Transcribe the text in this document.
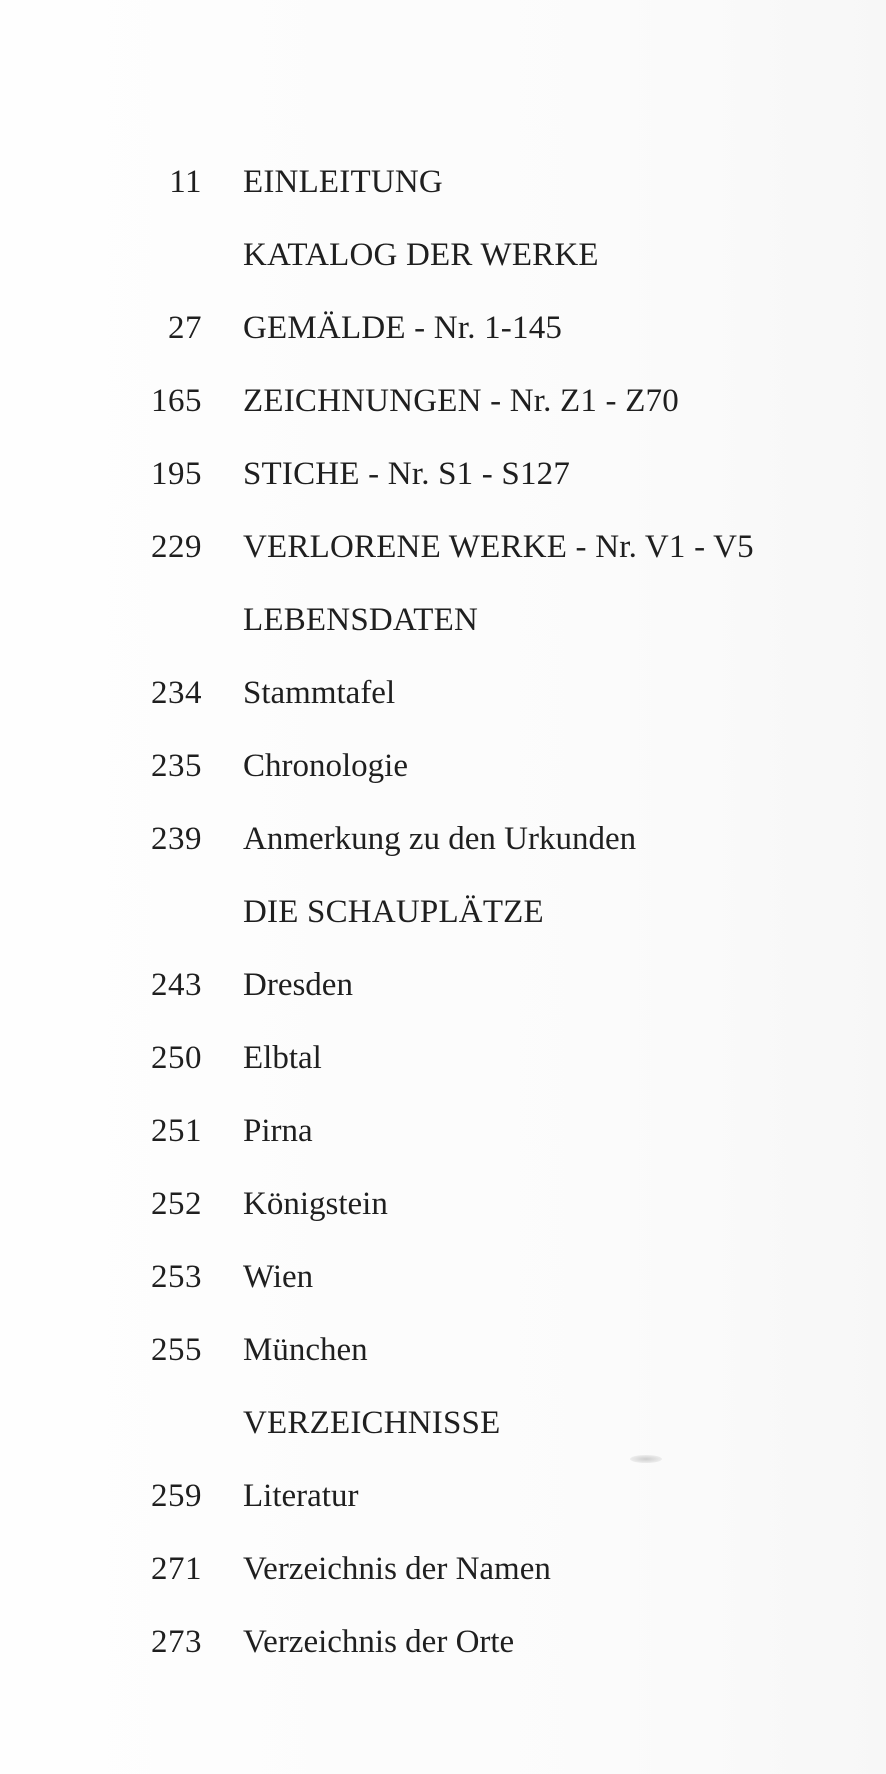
11 EINLEITUNG
KATALOG DER WERKE
27 GEMÄLDE - Nr. 1-145
165 ZEICHNUNGEN - Nr. Z1 - Z70
195 STICHE - Nr. S1 - S127
229 VERLORENE WERKE - Nr. V1 - V5
LEBENSDATEN
234 Stammtafel
235 Chronologie
239 Anmerkung zu den Urkunden
DIE SCHAUPLÄTZE
243 Dresden
250 Elbtal
251 Pirna
252 Königstein
253 Wien
255 München
VERZEICHNISSE
259 Literatur
271 Verzeichnis der Namen
273 Verzeichnis der Orte
